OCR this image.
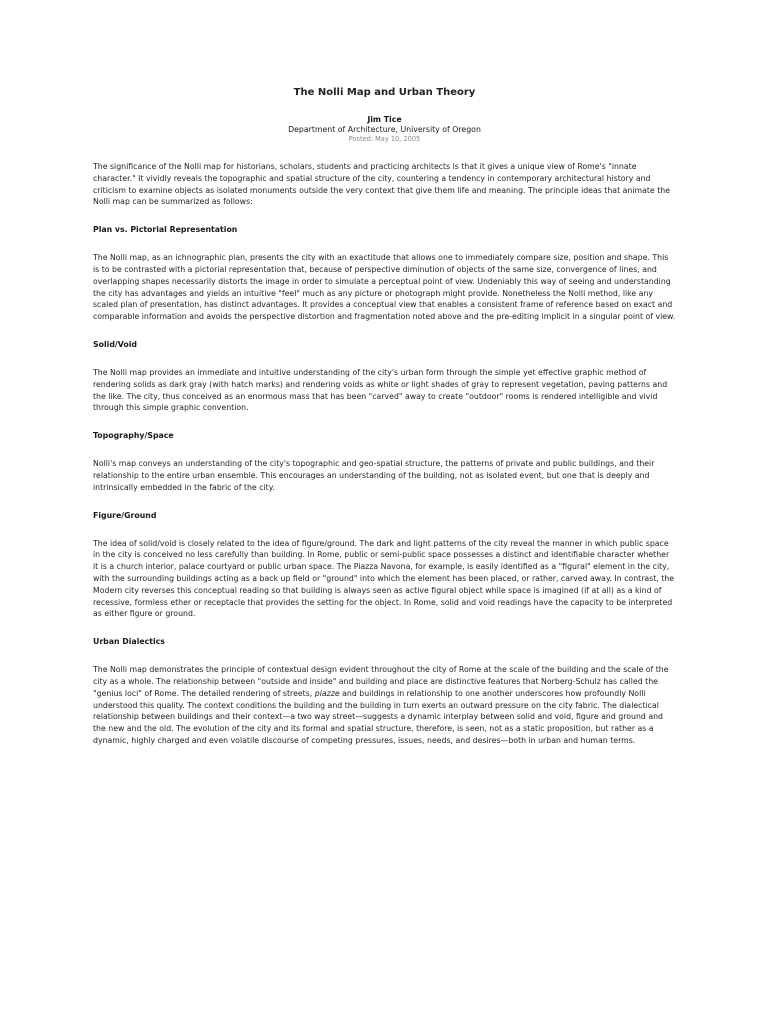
The Nolli Map and Urban Theory
Jim Tice
Department of Architecture, University of Oregon
Posted: May 10, 2005

The significance of the Nolli map for historians, scholars, students and practicing architects is that it gives a unique view of Rome's "innate character." It vividly reveals the topographic and spatial structure of the city, countering a tendency in contemporary architectural history and criticism to examine objects as isolated monuments outside the very context that give them life and meaning. The principle ideas that animate the Nolli map can be summarized as follows:

Plan vs. Pictorial Representation

The Nolli map, as an ichnographic plan, presents the city with an exactitude that allows one to immediately compare size, position and shape. This is to be contrasted with a pictorial representation that, because of perspective diminution of objects of the same size, convergence of lines, and overlapping shapes necessarily distorts the image in order to simulate a perceptual point of view. Undeniably this way of seeing and understanding the city has advantages and yields an intuitive "feel" much as any picture or photograph might provide. Nonetheless the Nolli method, like any scaled plan of presentation, has distinct advantages. It provides a conceptual view that enables a consistent frame of reference based on exact and comparable information and avoids the perspective distortion and fragmentation noted above and the pre-editing implicit in a singular point of view.

Solid/Void

The Nolli map provides an immediate and intuitive understanding of the city's urban form through the simple yet effective graphic method of rendering solids as dark gray (with hatch marks) and rendering voids as white or light shades of gray to represent vegetation, paving patterns and the like. The city, thus conceived as an enormous mass that has been "carved" away to create "outdoor" rooms is rendered intelligible and vivid through this simple graphic convention.

Topography/Space

Nolli's map conveys an understanding of the city's topographic and geo-spatial structure, the patterns of private and public buildings, and their relationship to the entire urban ensemble. This encourages an understanding of the building, not as isolated event, but one that is deeply and intrinsically embedded in the fabric of the city.

Figure/Ground

The idea of solid/void is closely related to the idea of figure/ground. The dark and light patterns of the city reveal the manner in which public space in the city is conceived no less carefully than building. In Rome, public or semi-public space possesses a distinct and identifiable character whether it is a church interior, palace courtyard or public urban space. The Piazza Navona, for example, is easily identified as a "figural" element in the city, with the surrounding buildings acting as a back up field or "ground" into which the element has been placed, or rather, carved away. In contrast, the Modern city reverses this conceptual reading so that building is always seen as active figural object while space is imagined (if at all) as a kind of recessive, formless ether or receptacle that provides the setting for the object. In Rome, solid and void readings have the capacity to be interpreted as either figure or ground.

Urban Dialectics

The Nolli map demonstrates the principle of contextual design evident throughout the city of Rome at the scale of the building and the scale of the city as a whole. The relationship between "outside and inside" and building and place are distinctive features that Norberg-Schulz has called the "genius loci" of Rome. The detailed rendering of streets, piazze and buildings in relationship to one another underscores how profoundly Nolli understood this quality. The context conditions the building and the building in turn exerts an outward pressure on the city fabric. The dialectical relationship between buildings and their context—a two way street—suggests a dynamic interplay between solid and void, figure and ground and the new and the old. The evolution of the city and its formal and spatial structure, therefore, is seen, not as a static proposition, but rather as a dynamic, highly charged and even volatile discourse of competing pressures, issues, needs, and desires—both in urban and human terms.
